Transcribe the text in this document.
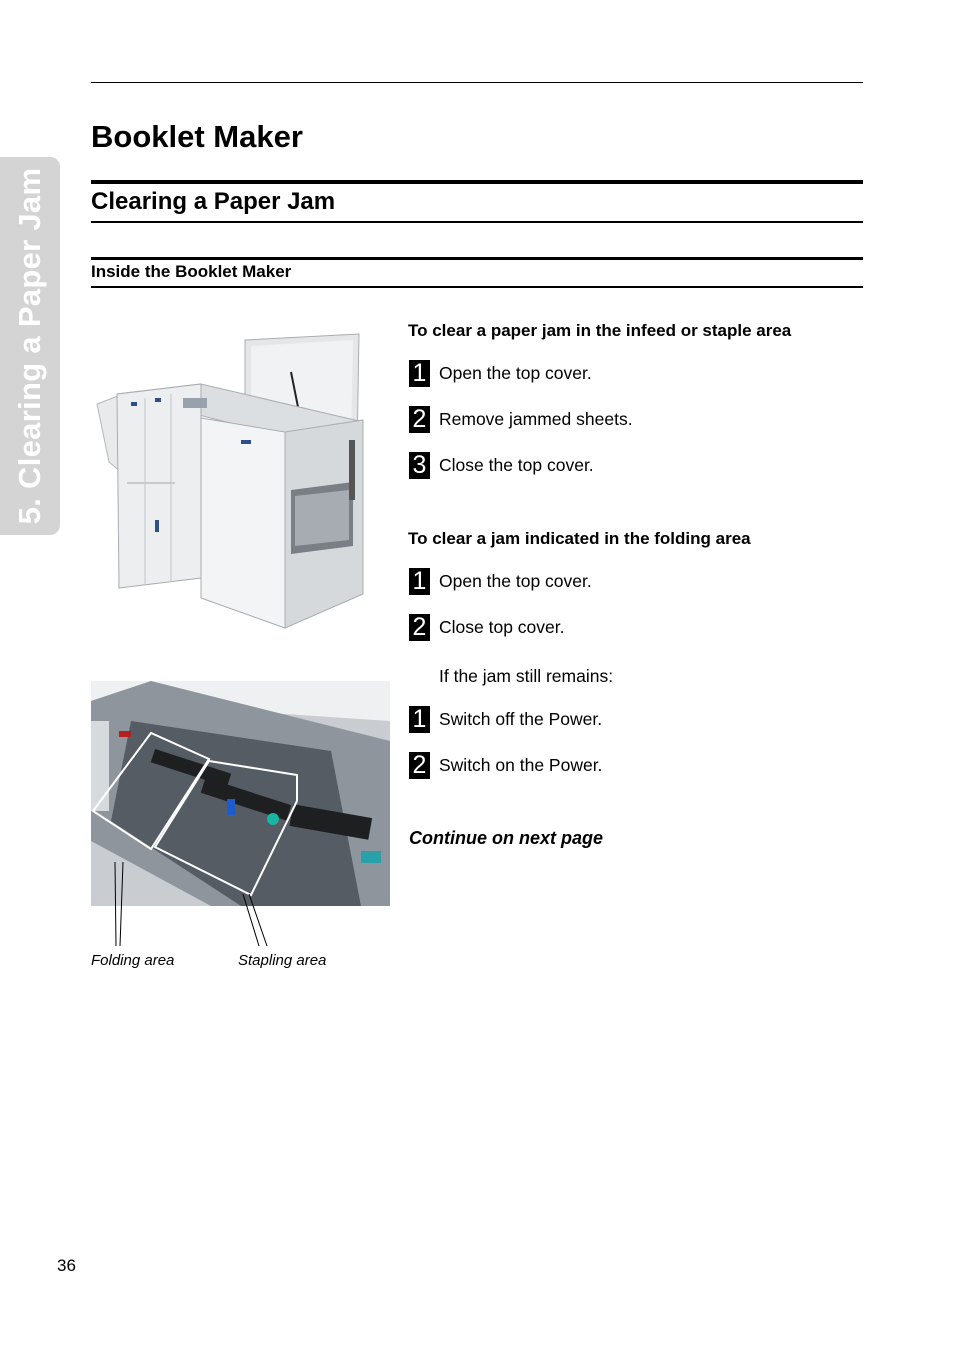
5. Clearing a Paper Jam
Booklet Maker
Clearing a Paper Jam
Inside the Booklet Maker
Folding area	Stapling area
To clear a paper jam in the infeed or staple area
1 Open the top cover.
2 Remove jammed sheets.
3 Close the top cover.
To clear a jam indicated in the folding area
1 Open the top cover.
2 Close top cover.
If the jam still remains:
1 Switch off the Power.
2 Switch on the Power.
Continue on next page
36
